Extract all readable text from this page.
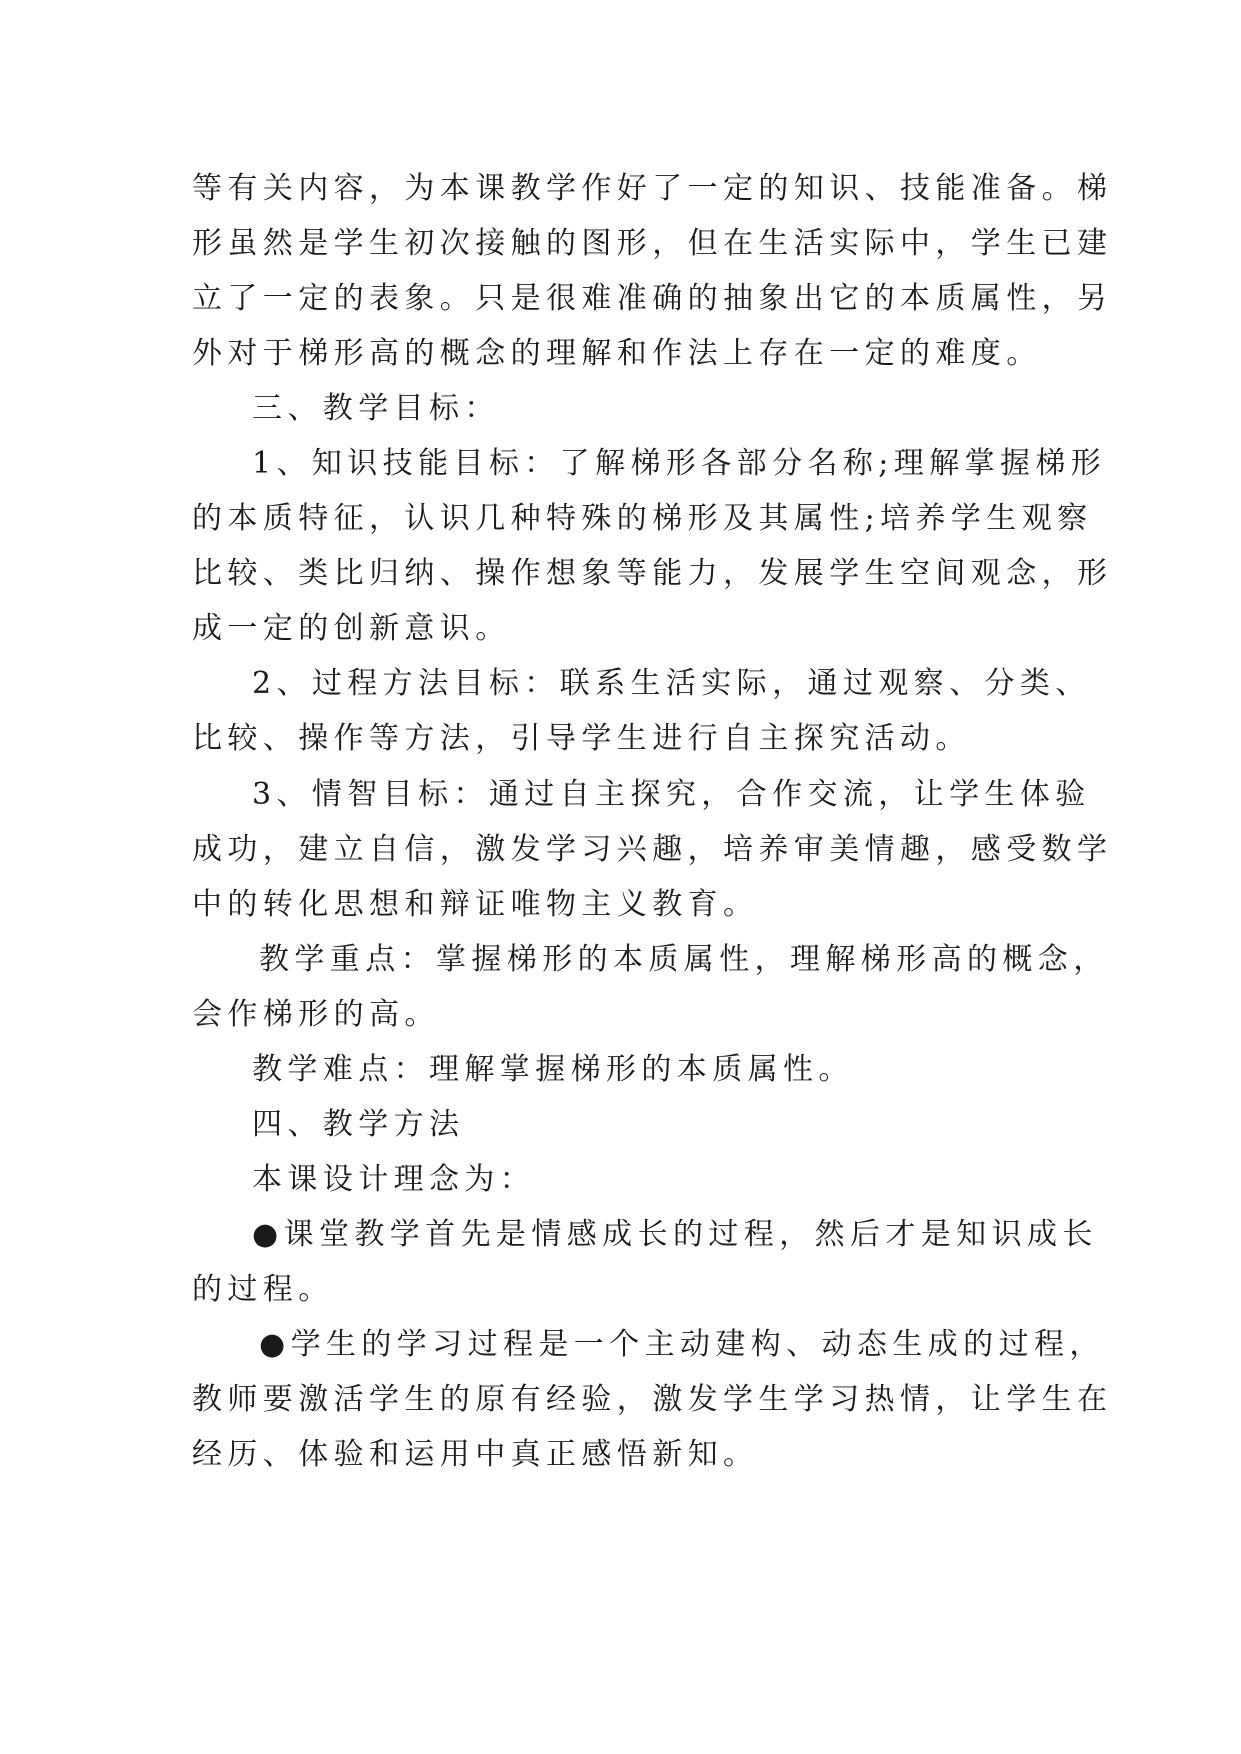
等有关内容，为本课教学作好了一定的知识、技能准备。梯
形虽然是学生初次接触的图形，但在生活实际中，学生已建
立了一定的表象。只是很难准确的抽象出它的本质属性，另
外对于梯形高的概念的理解和作法上存在一定的难度。
三、教学目标：
1、知识技能目标：了解梯形各部分名称;理解掌握梯形
的本质特征，认识几种特殊的梯形及其属性;培养学生观察
比较、类比归纳、操作想象等能力，发展学生空间观念，形
成一定的创新意识。
2、过程方法目标：联系生活实际，通过观察、分类、
比较、操作等方法，引导学生进行自主探究活动。
3、情智目标：通过自主探究，合作交流，让学生体验
成功，建立自信，激发学习兴趣，培养审美情趣，感受数学
中的转化思想和辩证唯物主义教育。
教学重点：掌握梯形的本质属性，理解梯形高的概念，
会作梯形的高。
教学难点：理解掌握梯形的本质属性。
四、教学方法
本课设计理念为：
●课堂教学首先是情感成长的过程，然后才是知识成长
的过程。
●学生的学习过程是一个主动建构、动态生成的过程，
教师要激活学生的原有经验，激发学生学习热情，让学生在
经历、体验和运用中真正感悟新知。
